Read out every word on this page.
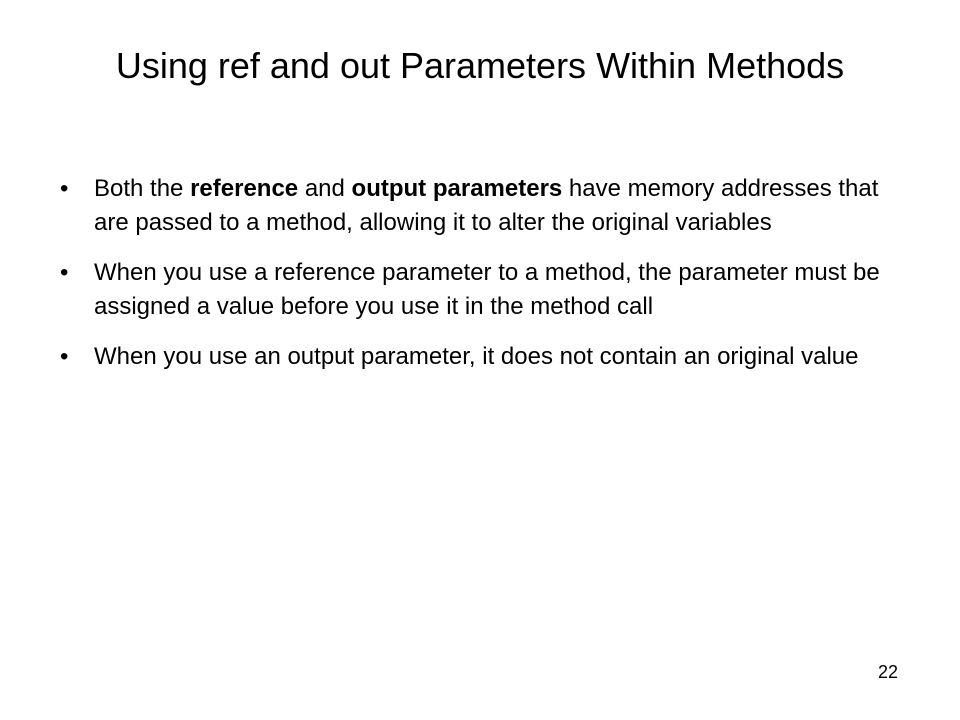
Using ref and out Parameters Within Methods
•	Both the reference and output parameters have memory addresses that are passed to a method, allowing it to alter the original variables
•	When you use a reference parameter to a method, the parameter must be assigned a value before you use it in the method call
•	When you use an output parameter, it does not contain an original value
22
